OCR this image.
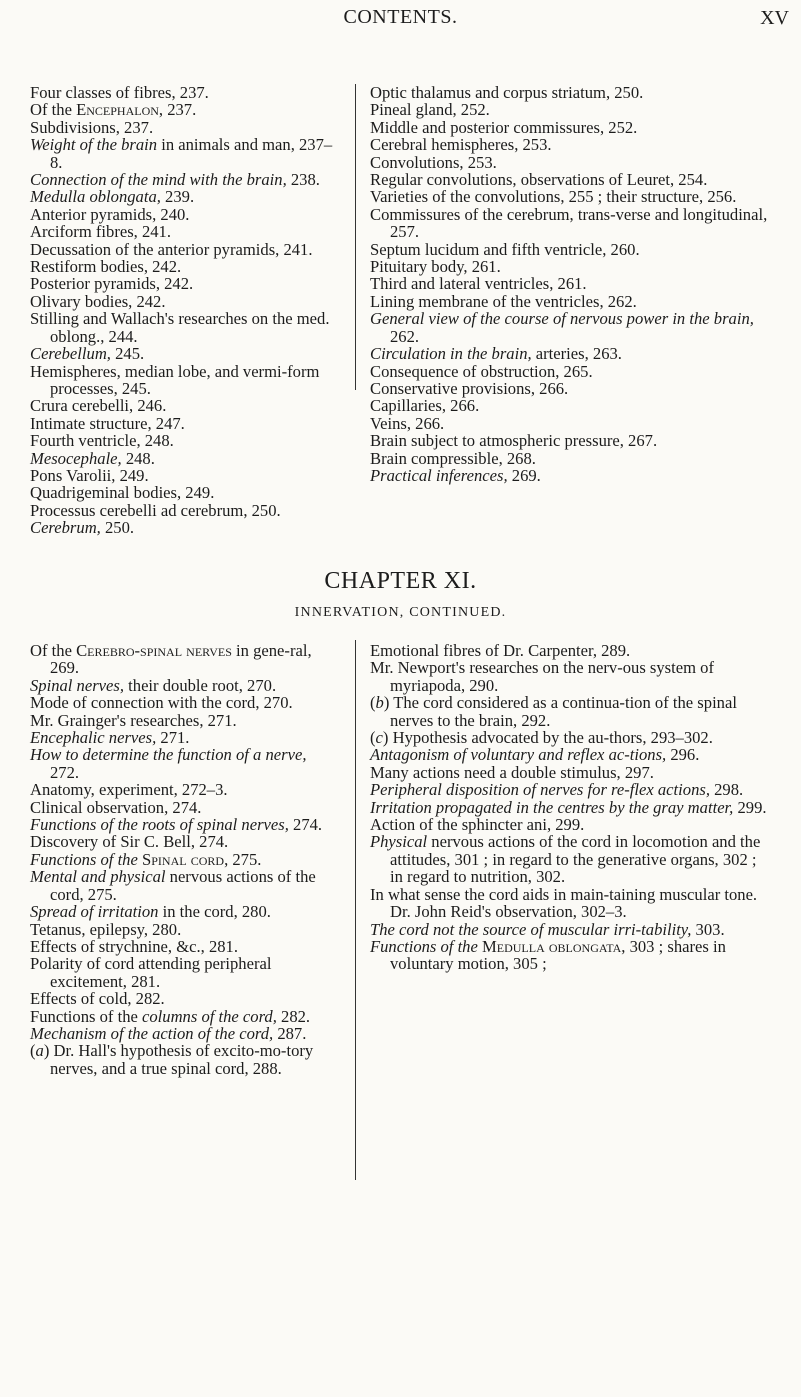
CONTENTS.	XV

Four classes of fibres, 237.

Of the Encephalon, 237.

Subdivisions, 237.

Weight of the brain in animals and man, 237–8.

Connection of the mind with the brain, 238.

Medulla oblongata, 239.

Anterior pyramids, 240.

Arciform fibres, 241.

Decussation of the anterior pyramids, 241.

Restiform bodies, 242.

Posterior pyramids, 242.

Olivary bodies, 242.

Stilling and Wallach's researches on the med. oblong., 244.

Cerebellum, 245.

Hemispheres, median lobe, and vermi-form processes, 245.

Crura cerebelli, 246.

Intimate structure, 247.

Fourth ventricle, 248.

Mesocephale, 248.

Pons Varolii, 249.

Quadrigeminal bodies, 249.

Processus cerebelli ad cerebrum, 250.

Cerebrum, 250.

Optic thalamus and corpus striatum, 250.

Pineal gland, 252.

Middle and posterior commissures, 252.

Cerebral hemispheres, 253.

Convolutions, 253.

Regular convolutions, observations of Leuret, 254.

Varieties of the convolutions, 255 ; their structure, 256.

Commissures of the cerebrum, trans-verse and longitudinal, 257.

Septum lucidum and fifth ventricle, 260.

Pituitary body, 261.

Third and lateral ventricles, 261.

Lining membrane of the ventricles, 262.

General view of the course of nervous power in the brain, 262.

Circulation in the brain, arteries, 263.

Consequence of obstruction, 265.

Conservative provisions, 266.

Capillaries, 266.

Veins, 266.

Brain subject to atmospheric pressure, 267.

Brain compressible, 268.

Practical inferences, 269.

CHAPTER XI.
INNERVATION, CONTINUED.

Of the Cerebro-spinal nerves in gene-ral, 269.

Spinal nerves, their double root, 270.

Mode of connection with the cord, 270.

Mr. Grainger's researches, 271.

Encephalic nerves, 271.

How to determine the function of a nerve, 272.

Anatomy, experiment, 272–3.

Clinical observation, 274.

Functions of the roots of spinal nerves, 274.

Discovery of Sir C. Bell, 274.

Functions of the Spinal cord, 275.

Mental and physical nervous actions of the cord, 275.

Spread of irritation in the cord, 280.

Tetanus, epilepsy, 280.

Effects of strychnine, &c., 281.

Polarity of cord attending peripheral excitement, 281.

Effects of cold, 282.

Functions of the columns of the cord, 282.

Mechanism of the action of the cord, 287.

(a) Dr. Hall's hypothesis of excito-mo-tory nerves, and a true spinal cord, 288.

Emotional fibres of Dr. Carpenter, 289.

Mr. Newport's researches on the nerv-ous system of myriapoda, 290.

(b) The cord considered as a continua-tion of the spinal nerves to the brain, 292.

(c) Hypothesis advocated by the au-thors, 293–302.

Antagonism of voluntary and reflex ac-tions, 296.

Many actions need a double stimulus, 297.

Peripheral disposition of nerves for re-flex actions, 298.

Irritation propagated in the centres by the gray matter, 299.

Action of the sphincter ani, 299.

Physical nervous actions of the cord in locomotion and the attitudes, 301 ; in regard to the generative organs, 302 ; in regard to nutrition, 302.

In what sense the cord aids in main-taining muscular tone. Dr. John Reid's observation, 302–3.

The cord not the source of muscular irri-tability, 303.

Functions of the Medulla oblongata, 303 ; shares in voluntary motion, 305 ;
